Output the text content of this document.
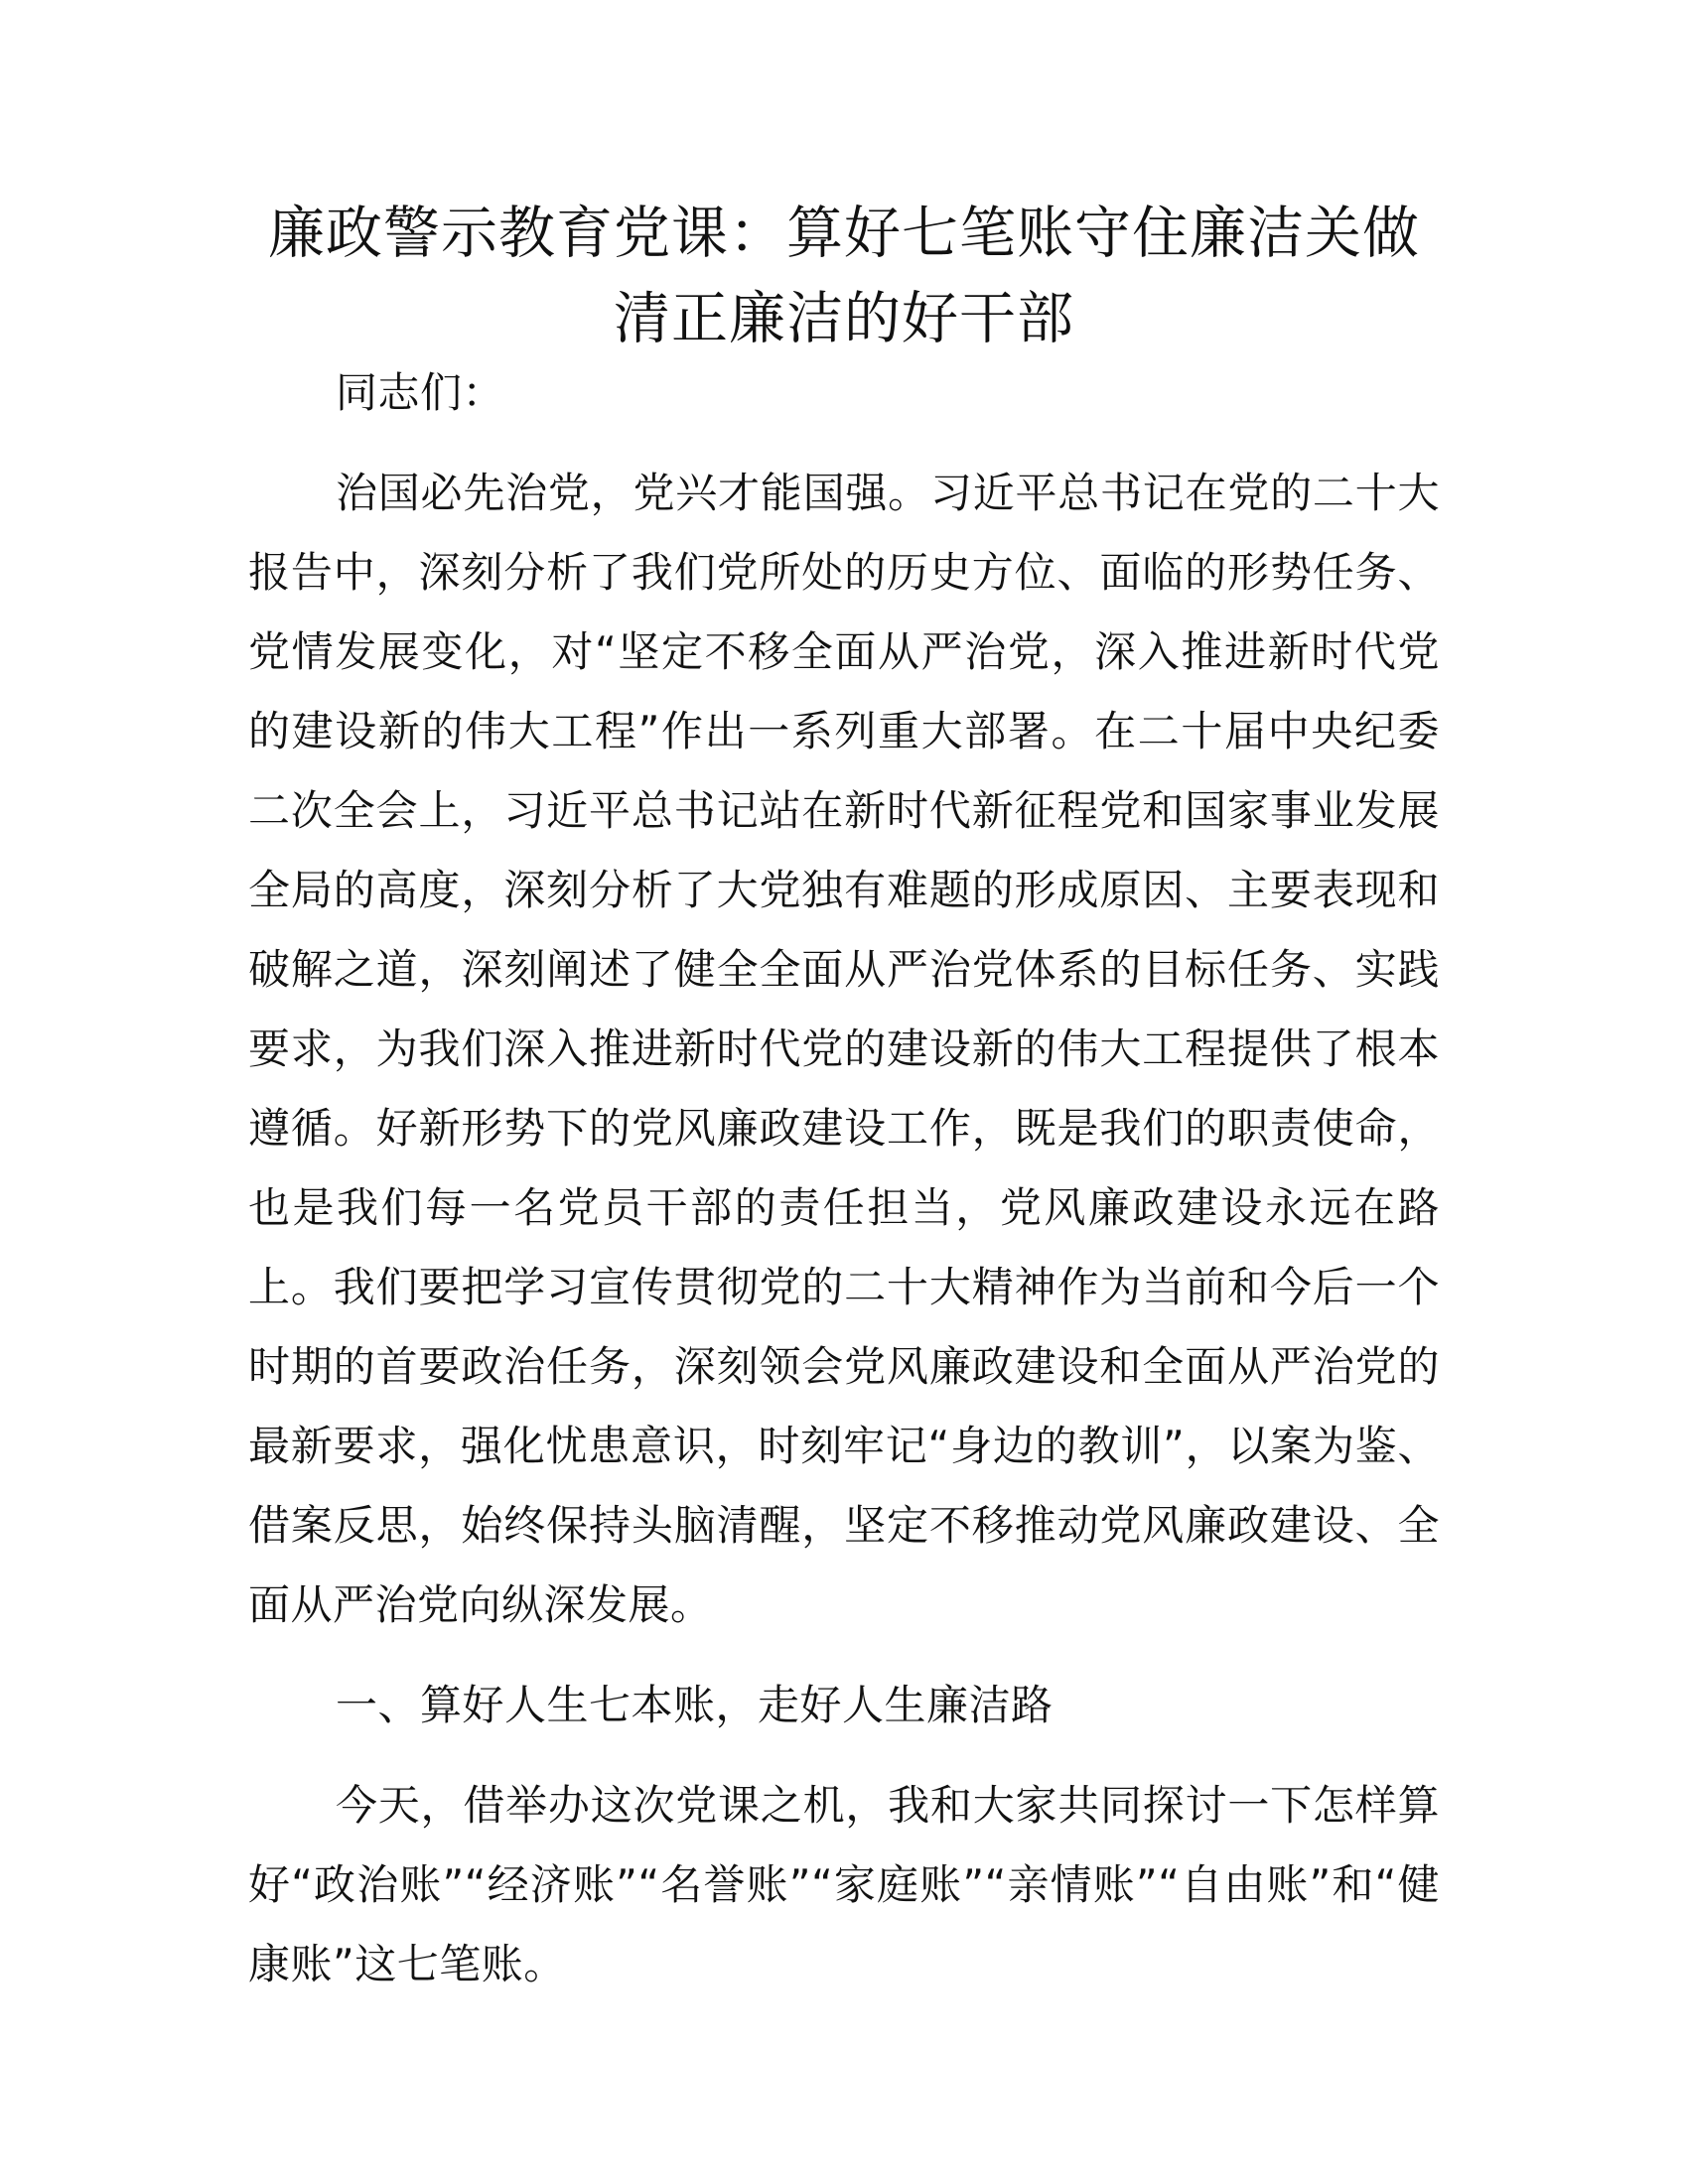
廉政警示教育党课：算好七笔账守住廉洁关做清正廉洁的好干部

同志们：

治国必先治党，党兴才能国强。习近平总书记在党的二十大报告中，深刻分析了我们党所处的历史方位、面临的形势任务、党情发展变化，对“坚定不移全面从严治党，深入推进新时代党的建设新的伟大工程”作出一系列重大部署。在二十届中央纪委二次全会上，习近平总书记站在新时代新征程党和国家事业发展全局的高度，深刻分析了大党独有难题的形成原因、主要表现和破解之道，深刻阐述了健全全面从严治党体系的目标任务、实践要求，为我们深入推进新时代党的建设新的伟大工程提供了根本遵循。好新形势下的党风廉政建设工作，既是我们的职责使命，也是我们每一名党员干部的责任担当，党风廉政建设永远在路上。我们要把学习宣传贯彻党的二十大精神作为当前和今后一个时期的首要政治任务，深刻领会党风廉政建设和全面从严治党的最新要求，强化忧患意识，时刻牢记“身边的教训”，以案为鉴、借案反思，始终保持头脑清醒，坚定不移推动党风廉政建设、全面从严治党向纵深发展。

一、算好人生七本账，走好人生廉洁路

今天，借举办这次党课之机，我和大家共同探讨一下怎样算好“政治账”“经济账”“名誉账”“家庭账”“亲情账”“自由账”和“健康账”这七笔账。
